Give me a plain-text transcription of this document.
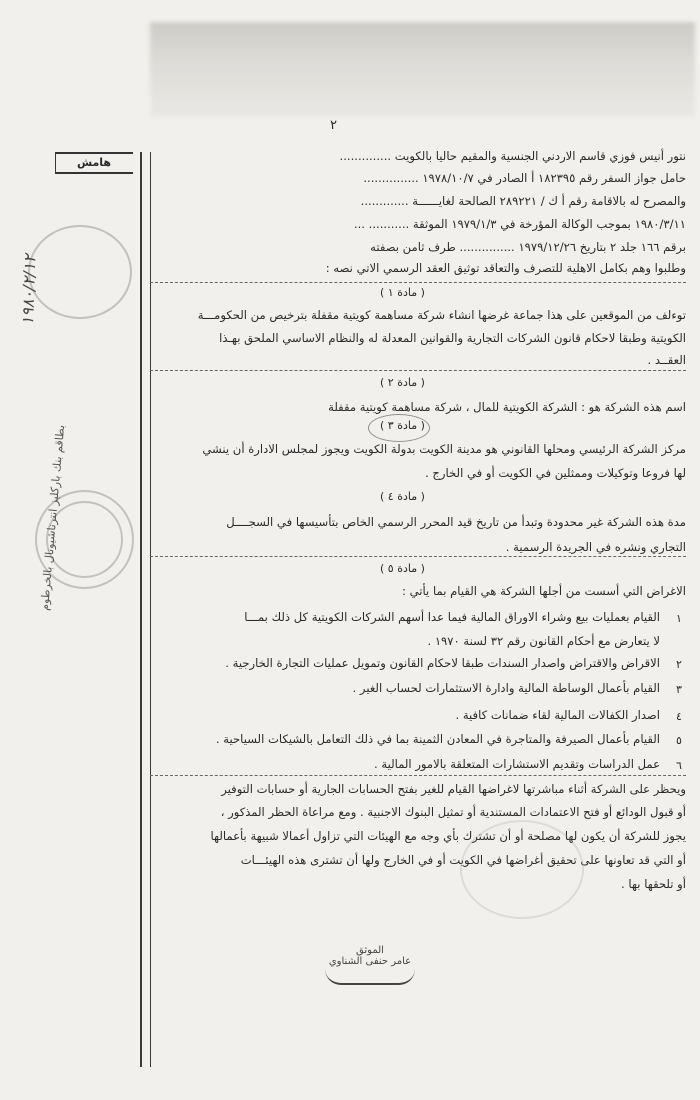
٢
هامش
١٩٨٠/٢/١٢
بطاقم بنك باركليز انترناشيونال بالخرطوم
نتور أنيس فوزي قاسم الاردني الجنسية والمقيم حاليا بالكويت ..............
حامل جواز السفر رقم ١٨٢٣٩٥ أ الصادر في ١٩٧٨/١٠/٧ ...............
والمصرح له بالاقامة رقم أ ك / ٢٨٩٢٢١ الصالحة لغايــــــة .............
١٩٨٠/٣/١١ بموجب الوكالة المؤرخة في ١٩٧٩/١/٣ الموثقة ........... ...
برقم ١٦٦ جلد ٢ بتاريخ ١٩٧٩/١٢/٢٦ ............... طرف ثامن بصفته
وطلبوا وهم بكامل الاهلية للتصرف والتعاقد توثيق العقد الرسمي الاتي نصه :
( مادة ١ )
توءلف من الموقعين على هذا جماعة غرضها انشاء شركة مساهمة كويتية مقفلة بترخيص من الحكومـــة
الكويتية وطبقا لاحكام قانون الشركات التجارية والقوانين المعدلة له والنظام الاساسي الملحق بهـذا
العقــد .
( مادة ٢ )
اسم هذه الشركة هو : الشركة الكويتية للمال ، شركة مساهمة كويتية مقفلة
( مادة ٣ )
مركز الشركة الرئيسي ومحلها القانوني هو مدينة الكويت بدولة الكويت ويجوز لمجلس الادارة أن ينشي
لها فروعا وتوكيلات وممثلين في الكويت أو في الخارج .
( مادة ٤ )
مدة هذه الشركة غير محدودة وتبدأ من تاريخ قيد المحرر الرسمي الخاص بتأسيسها في السجــــل
التجاري ونشره في الجريدة الرسمية .
( مادة ٥ )
الاغراض التي أسست من أجلها الشركة هي القيام بما يأتي :
١
القيام بعمليات بيع وشراء الاوراق المالية فيما عدا أسهم الشركات الكويتية كل ذلك بمـــا
لا يتعارض مع أحكام القانون رقم ٣٢ لسنة ١٩٧٠ .
٢
الاقراض والاقتراض واصدار السندات طبقا لاحكام القانون وتمويل عمليات التجارة الخارجية .
٣
القيام بأعمال الوساطة المالية وادارة الاستثمارات لحساب الغير .
٤
اصدار الكفالات المالية لقاء ضمانات كافية .
٥
القيام بأعمال الصيرفة والمتاجرة في المعادن الثمينة بما في ذلك التعامل بالشيكات السياحية .
٦
عمل الدراسات وتقديم الاستشارات المتعلقة بالامور المالية .
ويحظر على الشركة أثناء مباشرتها لاغراضها القيام للغير بفتح الحسابات الجارية أو حسابات التوفير
أو قبول الودائع أو فتح الاعتمادات المستندية أو تمثيل البنوك الاجنبية . ومع مراعاة الحظر المذكور ،
يجوز للشركة أن يكون لها مصلحة أو أن تشترك بأي وجه مع الهيئات التي تزاول أعمالا شبيهة بأعمالها
أو التي قد تعاونها على تحقيق أغراضها في الكويت أو في الخارج ولها أن تشترى هذه الهيئـــات
أو تلحقها بها .
الموثق
عامر حنفى الشناوي
